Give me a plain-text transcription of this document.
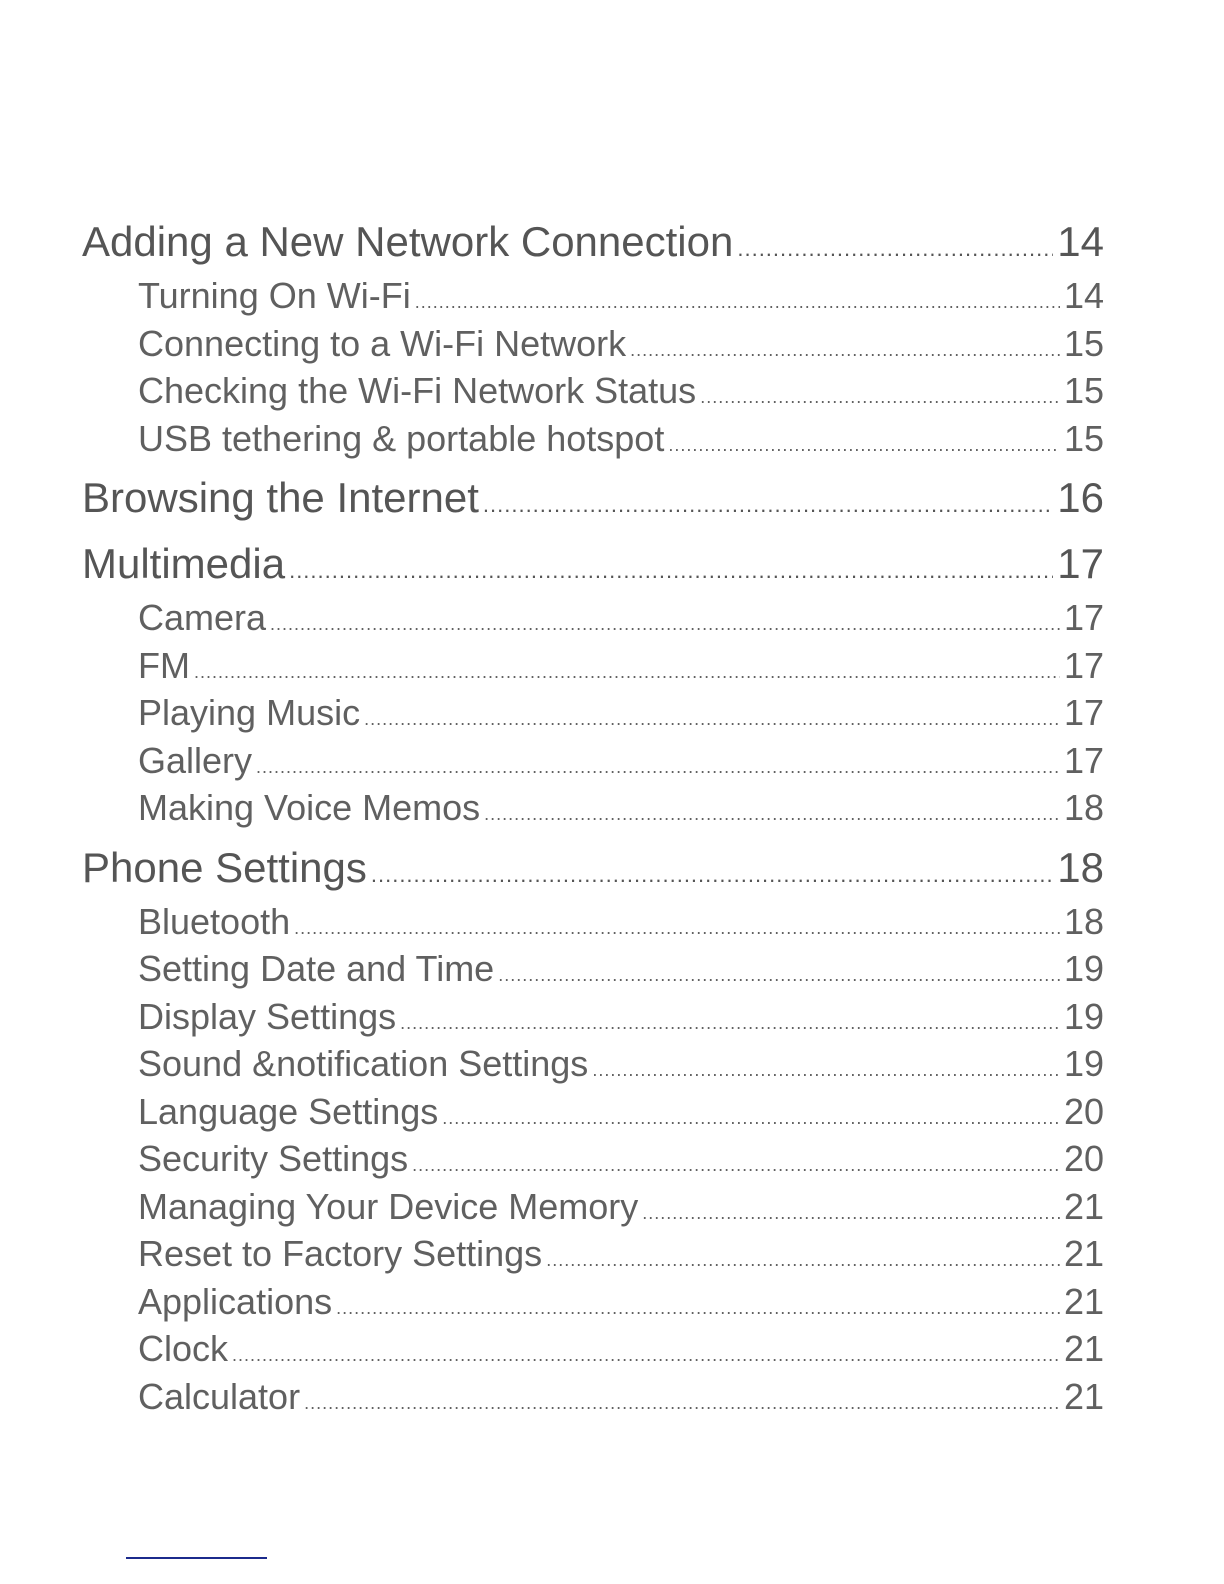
Adding a New Network Connection .....	14
Turning On Wi-Fi .....	14
Connecting to a Wi-Fi Network .....	15
Checking the Wi-Fi Network Status .....	15
USB tethering & portable hotspot .....	15
Browsing the Internet .....	16
Multimedia .....	17
Camera .....	17
FM .....	17
Playing Music .....	17
Gallery .....	17
Making Voice Memos .....	18
Phone Settings .....	18
Bluetooth .....	18
Setting Date and Time .....	19
Display Settings .....	19
Sound &notification Settings .....	19
Language Settings .....	20
Security Settings .....	20
Managing Your Device Memory .....	21
Reset to Factory Settings .....	21
Applications .....	21
Clock .....	21
Calculator .....	21
